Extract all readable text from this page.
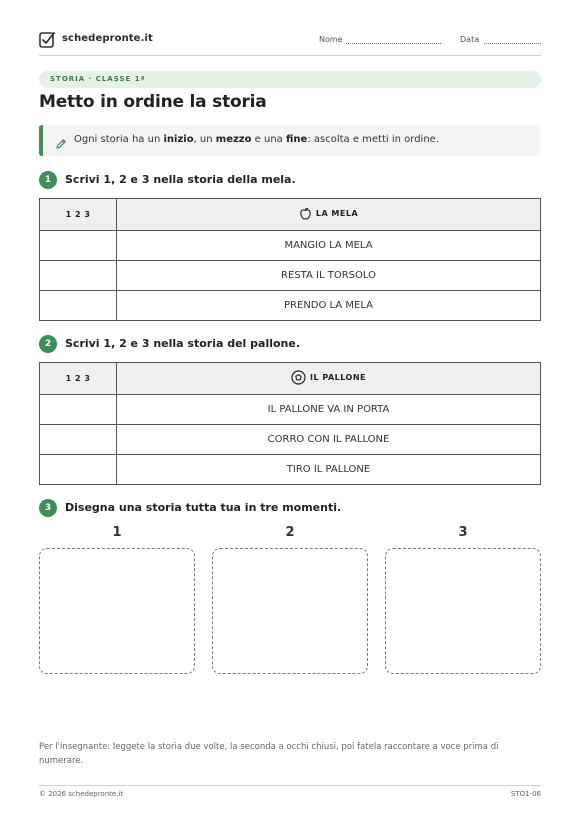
schedepronte.it	Nome	Data
STORIA · CLASSE 1ª
Metto in ordine la storia
Ogni storia ha un inizio, un mezzo e una fine: ascolta e metti in ordine.
1	Scrivi 1, 2 e 3 nella storia della mela.
1 2 3	LA MELA

	MANGIO LA MELA
	RESTA IL TORSOLO
	PRENDO LA MELA
2	Scrivi 1, 2 e 3 nella storia del pallone.
1 2 3	IL PALLONE

	IL PALLONE VA IN PORTA
	CORRO CON IL PALLONE
	TIRO IL PALLONE
3	Disegna una storia tutta tua in tre momenti.
1	2	3
Per l'insegnante: leggete la storia due volte, la seconda a occhi chiusi, poi fatela raccontare a voce prima di numerare.
© 2026 schedepronte.it	STO1-06
